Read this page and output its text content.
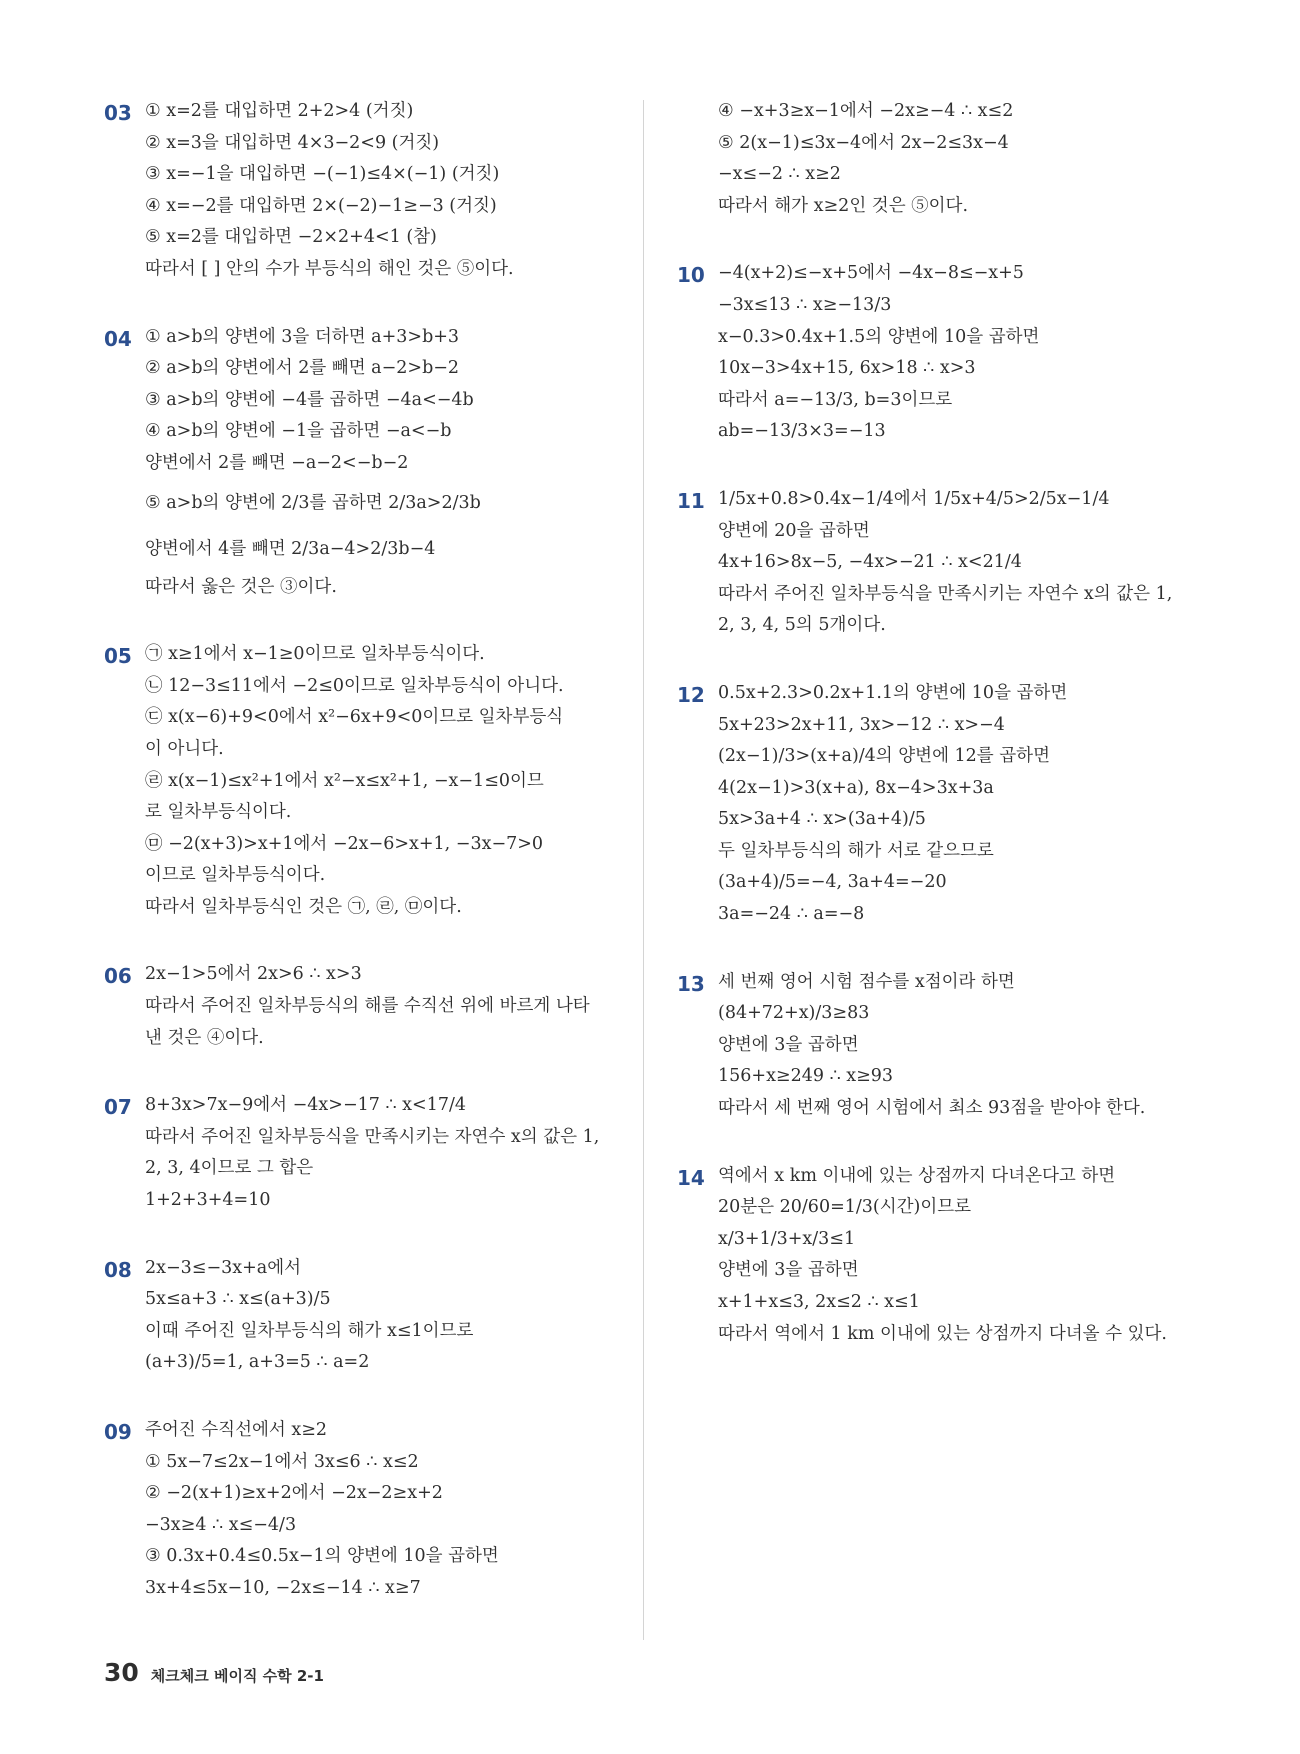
03 ① x=2를 대입하면 2+2>4 (거짓)
② x=3을 대입하면 4×3−2<9 (거짓)
③ x=−1을 대입하면 −(−1)≤4×(−1) (거짓)
④ x=−2를 대입하면 2×(−2)−1≥−3 (거짓)
⑤ x=2를 대입하면 −2×2+4<1 (참)
따라서 [ ] 안의 수가 부등식의 해인 것은 ⑤이다.
04 ① a>b의 양변에 3을 더하면 a+3>b+3
② a>b의 양변에서 2를 빼면 a−2>b−2
③ a>b의 양변에 −4를 곱하면 −4a<−4b
④ a>b의 양변에 −1을 곱하면 −a<−b
양변에서 2를 빼면 −a−2<−b−2
⑤ a>b의 양변에 2/3를 곱하면 2/3a>2/3b
양변에서 4를 빼면 2/3a−4>2/3b−4
따라서 옳은 것은 ③이다.
05 ㉠ x≥1에서 x−1≥0이므로 일차부등식이다.
㉡ 12−3≤11에서 −2≤0이므로 일차부등식이 아니다.
㉢ x(x−6)+9<0에서 x²−6x+9<0이므로 일차부등식
이 아니다.
㉣ x(x−1)≤x²+1에서 x²−x≤x²+1, −x−1≤0이므
로 일차부등식이다.
㉤ −2(x+3)>x+1에서 −2x−6>x+1, −3x−7>0
이므로 일차부등식이다.
따라서 일차부등식인 것은 ㉠, ㉣, ㉤이다.
06 2x−1>5에서 2x>6 ∴ x>3
따라서 주어진 일차부등식의 해를 수직선 위에 바르게 나타
낸 것은 ④이다.
07 8+3x>7x−9에서 −4x>−17 ∴ x<17/4
따라서 주어진 일차부등식을 만족시키는 자연수 x의 값은 1,
2, 3, 4이므로 그 합은
1+2+3+4=10
08 2x−3≤−3x+a에서
5x≤a+3 ∴ x≤(a+3)/5
이때 주어진 일차부등식의 해가 x≤1이므로
(a+3)/5=1, a+3=5 ∴ a=2
09 주어진 수직선에서 x≥2
① 5x−7≤2x−1에서 3x≤6 ∴ x≤2
② −2(x+1)≥x+2에서 −2x−2≥x+2
−3x≥4 ∴ x≤−4/3
③ 0.3x+0.4≤0.5x−1의 양변에 10을 곱하면
3x+4≤5x−10, −2x≤−14 ∴ x≥7
④ −x+3≥x−1에서 −2x≥−4 ∴ x≤2
⑤ 2(x−1)≤3x−4에서 2x−2≤3x−4
−x≤−2 ∴ x≥2
따라서 해가 x≥2인 것은 ⑤이다.
10 −4(x+2)≤−x+5에서 −4x−8≤−x+5
−3x≤13 ∴ x≥−13/3
x−0.3>0.4x+1.5의 양변에 10을 곱하면
10x−3>4x+15, 6x>18 ∴ x>3
따라서 a=−13/3, b=3이므로
ab=−13/3×3=−13
11 1/5x+0.8>0.4x−1/4에서 1/5x+4/5>2/5x−1/4
양변에 20을 곱하면
4x+16>8x−5, −4x>−21 ∴ x<21/4
따라서 주어진 일차부등식을 만족시키는 자연수 x의 값은 1,
2, 3, 4, 5의 5개이다.
12 0.5x+2.3>0.2x+1.1의 양변에 10을 곱하면
5x+23>2x+11, 3x>−12 ∴ x>−4
(2x−1)/3>(x+a)/4의 양변에 12를 곱하면
4(2x−1)>3(x+a), 8x−4>3x+3a
5x>3a+4 ∴ x>(3a+4)/5
두 일차부등식의 해가 서로 같으므로
(3a+4)/5=−4, 3a+4=−20
3a=−24 ∴ a=−8
13 세 번째 영어 시험 점수를 x점이라 하면
(84+72+x)/3≥83
양변에 3을 곱하면
156+x≥249 ∴ x≥93
따라서 세 번째 영어 시험에서 최소 93점을 받아야 한다.
14 역에서 x km 이내에 있는 상점까지 다녀온다고 하면
20분은 20/60=1/3(시간)이므로
x/3+1/3+x/3≤1
양변에 3을 곱하면
x+1+x≤3, 2x≤2 ∴ x≤1
따라서 역에서 1 km 이내에 있는 상점까지 다녀올 수 있다.
30 체크체크 베이직 수학 2-1
